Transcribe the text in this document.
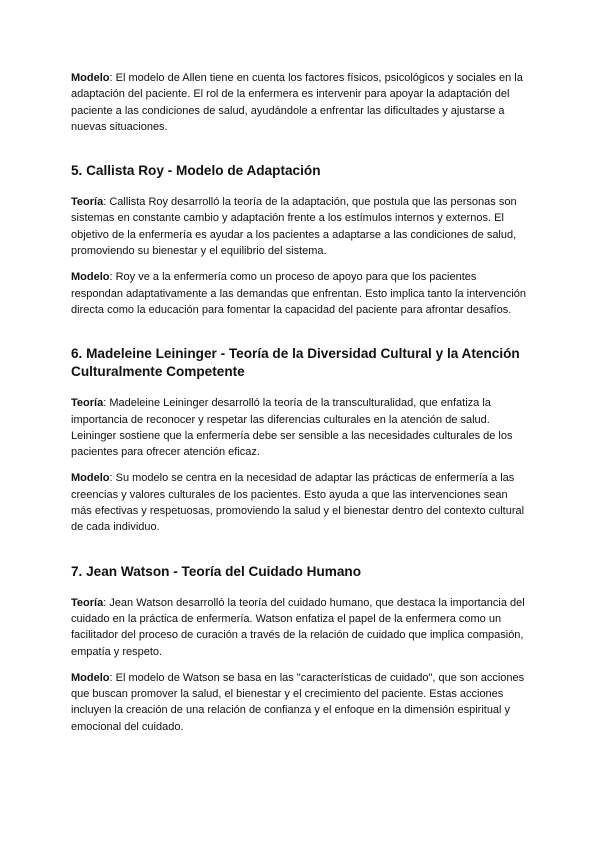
Modelo: El modelo de Allen tiene en cuenta los factores físicos, psicológicos y sociales en la adaptación del paciente. El rol de la enfermera es intervenir para apoyar la adaptación del paciente a las condiciones de salud, ayudándole a enfrentar las dificultades y ajustarse a nuevas situaciones.

5. Callista Roy - Modelo de Adaptación

Teoría: Callista Roy desarrolló la teoría de la adaptación, que postula que las personas son sistemas en constante cambio y adaptación frente a los estímulos internos y externos. El objetivo de la enfermería es ayudar a los pacientes a adaptarse a las condiciones de salud, promoviendo su bienestar y el equilibrio del sistema.

Modelo: Roy ve a la enfermería como un proceso de apoyo para que los pacientes respondan adaptativamente a las demandas que enfrentan. Esto implica tanto la intervención directa como la educación para fomentar la capacidad del paciente para afrontar desafíos.

6. Madeleine Leininger - Teoría de la Diversidad Cultural y la Atención Culturalmente Competente

Teoría: Madeleine Leininger desarrolló la teoría de la transculturalidad, que enfatiza la importancia de reconocer y respetar las diferencias culturales en la atención de salud. Leininger sostiene que la enfermería debe ser sensible a las necesidades culturales de los pacientes para ofrecer atención eficaz.

Modelo: Su modelo se centra en la necesidad de adaptar las prácticas de enfermería a las creencias y valores culturales de los pacientes. Esto ayuda a que las intervenciones sean más efectivas y respetuosas, promoviendo la salud y el bienestar dentro del contexto cultural de cada individuo.

7. Jean Watson - Teoría del Cuidado Humano

Teoría: Jean Watson desarrolló la teoría del cuidado humano, que destaca la importancia del cuidado en la práctica de enfermería. Watson enfatiza el papel de la enfermera como un facilitador del proceso de curación a través de la relación de cuidado que implica compasión, empatía y respeto.

Modelo: El modelo de Watson se basa en las "características de cuidado", que son acciones que buscan promover la salud, el bienestar y el crecimiento del paciente. Estas acciones incluyen la creación de una relación de confianza y el enfoque en la dimensión espiritual y emocional del cuidado.
